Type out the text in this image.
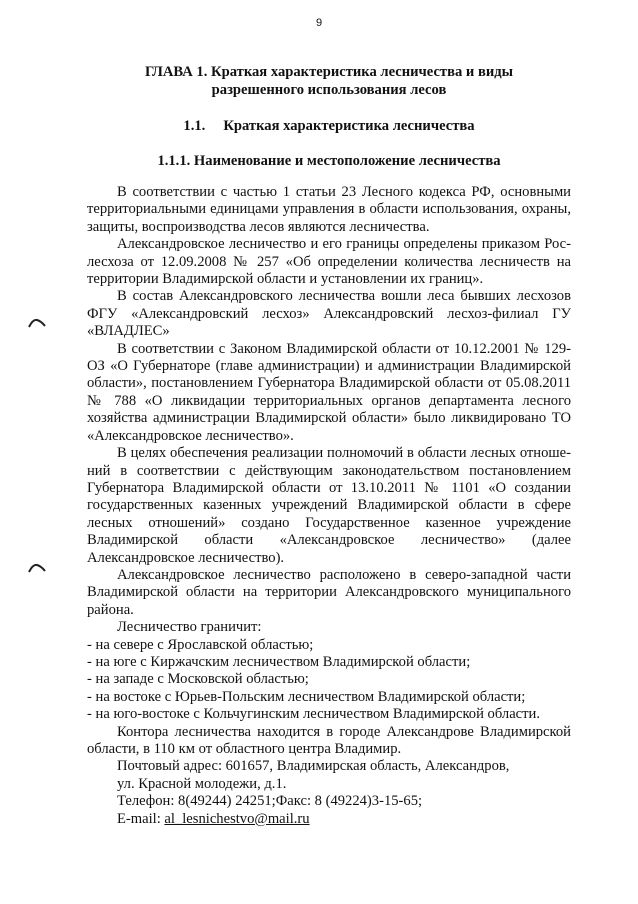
9
ГЛАВА 1. Краткая характеристика лесничества и виды
разрешенного использования лесов
1.1. Краткая характеристика лесничества
1.1.1. Наименование и местоположение лесничества

В соответствии с частью 1 статьи 23 Лесного кодекса РФ, основными территориальными единицами управления в области использования, охраны, защиты, воспроизводства лесов являются лесничества.

Александровское лесничество и его границы определены приказом Рослесхоза от 12.09.2008 № 257 «Об определении количества лесничеств на территории Владимирской области и установлении их границ».

В состав Александровского лесничества вошли леса бывших лесхозов ФГУ «Александровский лесхоз» Александровский лесхоз-филиал ГУ «ВЛАДЛЕС»

В соответствии с Законом Владимирской области от 10.12.2001 № 129-ОЗ «О Губернаторе (главе администрации) и администрации Владимирской области», постановлением Губернатора Владимирской области от 05.08.2011 № 788 «О ликвидации территориальных органов департамента лесного хозяйства администрации Владимирской области» было ликвидировано ТО «Александровское лесничество».

В целях обеспечения реализации полномочий в области лесных отношений в соответствии с действующим законодательством постановлением Губернатора Владимирской области от 13.10.2011 № 1101 «О создании государственных казенных учреждений Владимирской области в сфере лесных отношений» создано Государственное казенное учреждение Владимирской области «Александровское лесничество» (далее Александровское лесничество).

Александровское лесничество расположено в северо-западной части Владимирской области на территории Александровского муниципального района.

Лесничество граничит:
- на севере с Ярославской областью;
- на юге с Киржачским лесничеством Владимирской области;
- на западе с Московской областью;
- на востоке с Юрьев-Польским лесничеством Владимирской области;
- на юго-востоке с Кольчугинским лесничеством Владимирской области.

Контора лесничества находится в городе Александрове Владимирской области, в 110 км от областного центра Владимир.

Почтовый адрес: 601657, Владимирская область, Александров,
ул. Красной молодежи, д.1.
Телефон: 8(49244) 24251;Факс: 8 (49224)3-15-65;
E-mail: al_lesnichestvo@mail.ru
